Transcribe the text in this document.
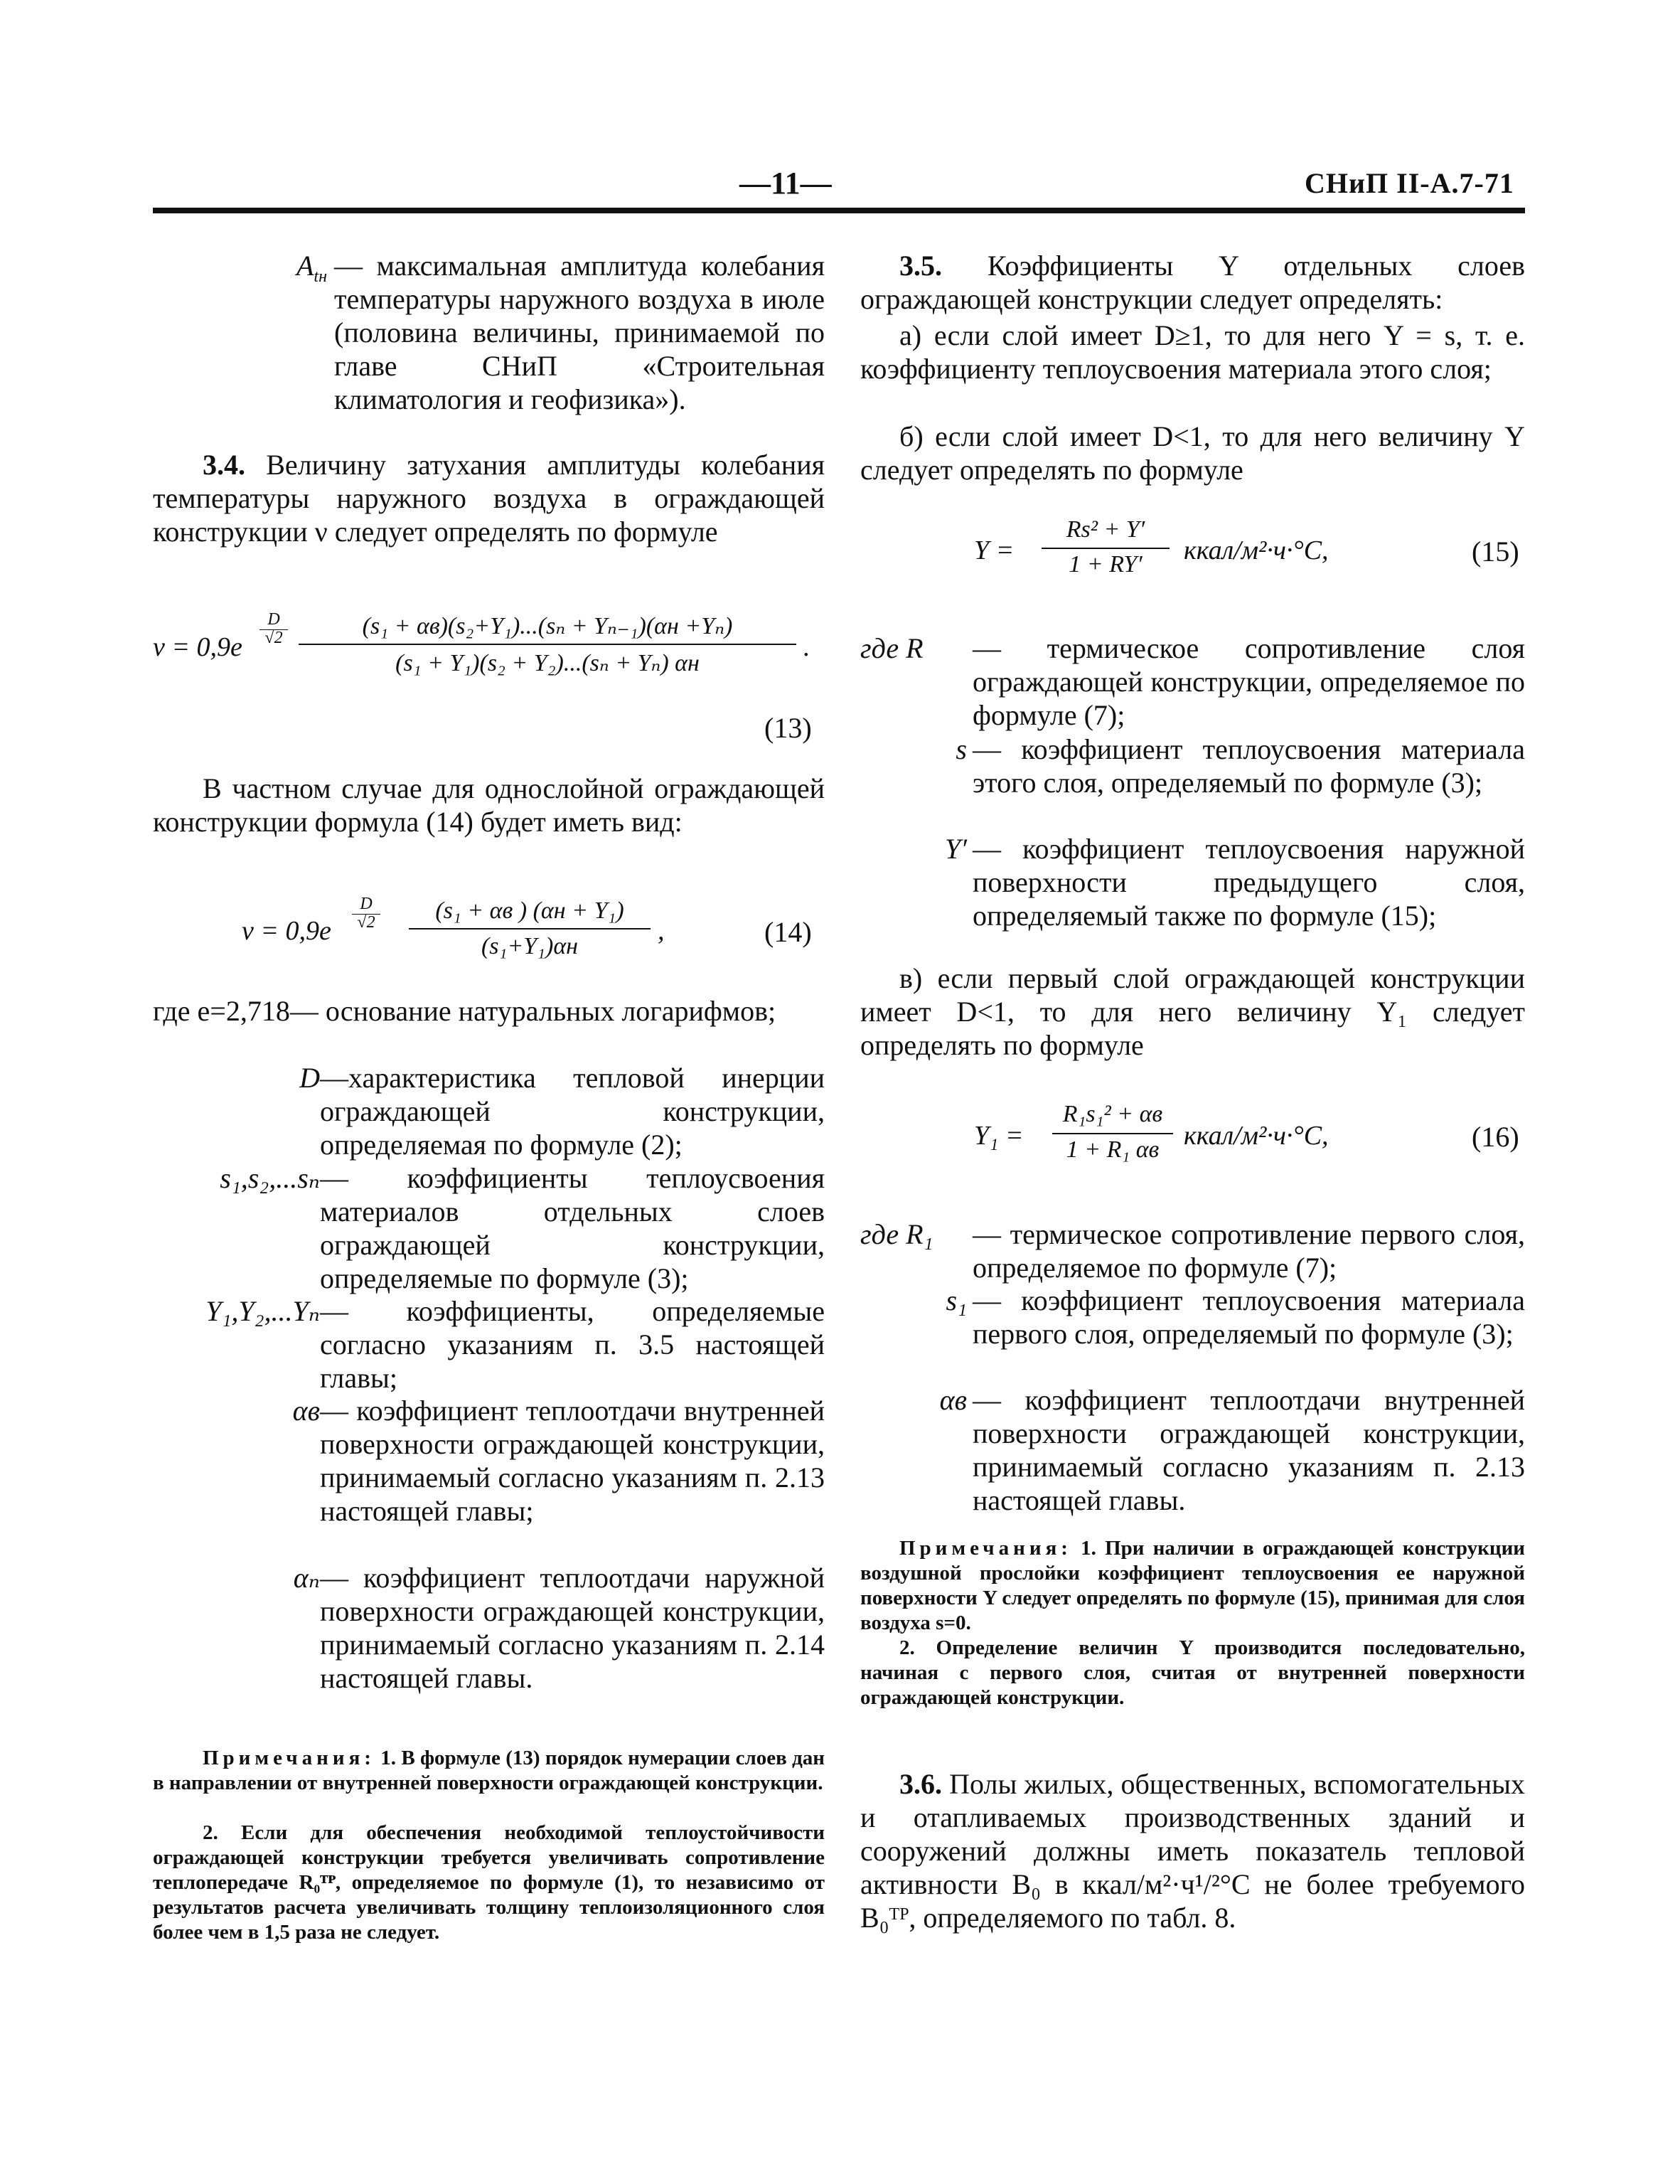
—11—	СНиП II-А.7-71
$A_{tн}$ — максимальная амплитуда колебания температуры наружного воздуха в июле (половина величины, принимаемой по главе СНиП «Строительная климатология и геофизика»).
3.4. Величину затухания амплитуды колебания температуры наружного воздуха в ограждающей конструкции ν следует определять по формуле
ν = 0,9e
D
√2	(s₁ + αв)(s₂+Y₁)...(sₙ + Yₙ₋₁)(αн +Yₙ)
(s₁ + Y₁)(s₂ + Y₂)...(sₙ + Yₙ) αн
.
(13)
В частном случае для однослойной ограждающей конструкции формула (14) будет иметь вид:
ν = 0,9e
D
√2	(s₁ + αв ) (αн + Y₁)
(s₁+Y₁)αн
,	(14)
где e=2,718— основание натуральных логарифмов;
D —характеристика тепловой инерции ограждающей конструкции, определяемая по формуле (2);
s₁,s₂,...sₙ — коэффициенты теплоусвоения материалов отдельных слоев ограждающей конструкции, определяемые по формуле (3);
Y₁,Y₂,...Yₙ — коэффициенты, определяемые согласно указаниям п. 3.5 настоящей главы;
αв — коэффициент теплоотдачи внутренней поверхности ограждающей конструкции, принимаемый согласно указаниям п. 2.13 настоящей главы;
αₙ — коэффициент теплоотдачи наружной поверхности ограждающей конструкции, принимаемый согласно указаниям п. 2.14 настоящей главы.
Примечания: 1. В формуле (13) порядок нумерации слоев дан в направлении от внутренней поверхности ограждающей конструкции.
2. Если для обеспечения необходимой теплоустойчивости ограждающей конструкции требуется увеличивать сопротивление теплопередаче R₀ᵀᴾ, определяемое по формуле (1), то независимо от результатов расчета увеличивать толщину теплоизоляционного слоя более чем в 1,5 раза не следует.
3.5. Коэффициенты Y отдельных слоев ограждающей конструкции следует определять:
а) если слой имеет D≥1, то для него Y = s, т. е. коэффициенту теплоусвоения материала этого слоя;
б) если слой имеет D<1, то для него величину Y следует определять по формуле
Y =
Rs² + Y′
1 + RY′	ккал/м²·ч·°С,	(15)
где R	— термическое сопротивление слоя ограждающей конструкции, определяемое по формуле (7);
s — коэффициент теплоусвоения материала этого слоя, определяемый по формуле (3);
Y′ — коэффициент теплоусвоения наружной поверхности предыдущего слоя, определяемый также по формуле (15);
в) если первый слой ограждающей конструкции имеет D<1, то для него величину Y₁ следует определять по формуле
Y₁ =
R₁s₁² + αв
1 + R₁ αв ккал/м²·ч·°С,	(16)
где R₁	— термическое сопротивление первого слоя, определяемое по формуле (7);
s₁ — коэффициент теплоусвоения материала первого слоя, определяемый по формуле (3);
αв — коэффициент теплоотдачи внутренней поверхности ограждающей конструкции, принимаемый согласно указаниям п. 2.13 настоящей главы.
Примечания: 1. При наличии в ограждающей конструкции воздушной прослойки коэффициент теплоусвоения ее наружной поверхности Y следует определять по формуле (15), принимая для слоя воздуха s=0.
2. Определение величин Y производится последовательно, начиная с первого слоя, считая от внутренней поверхности ограждающей конструкции.
3.6. Полы жилых, общественных, вспомогательных и отапливаемых производственных зданий и сооружений должны иметь показатель тепловой активности B₀ в ккал/м²·ч¹/²°С не более требуемого B₀ᵀᴾ, определяемого по табл. 8.
